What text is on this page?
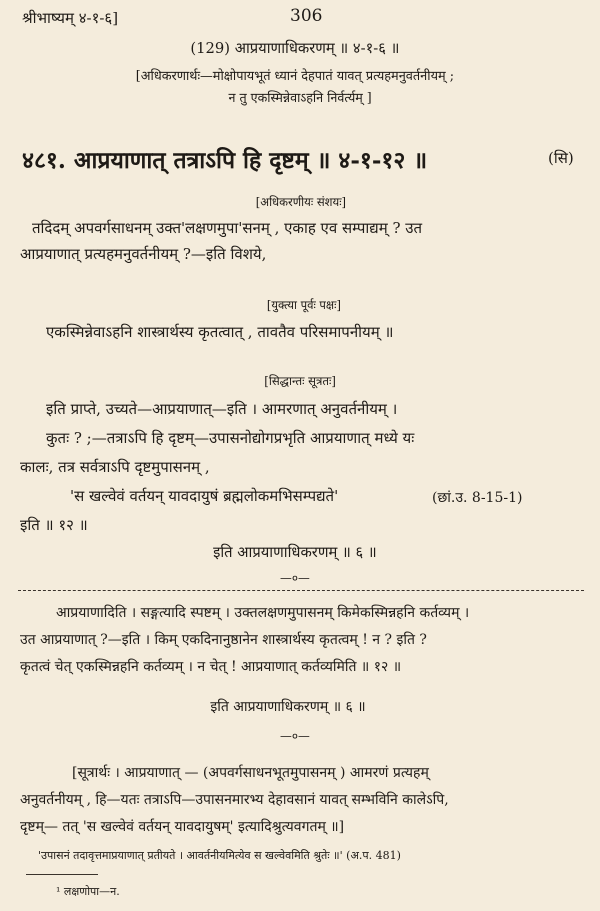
श्रीभाष्यम् ४-१-६]	306
(129) आप्रयाणाधिकरणम् ॥ ४-१-६ ॥
[अधिकरणार्थः—मोक्षोपायभूतं ध्यानं देहपातं यावत् प्रत्यहमनुवर्तनीयम् ;
न तु एकस्मिन्नेवाऽहनि निर्वर्त्यम् ]
४८१. आप्रयाणात् तत्राऽपि हि दृष्टम् ॥ ४-१-१२ ॥	(सि)
[अधिकरणीयः संशयः]
तदिदम् अपवर्गसाधनम् उक्त'लक्षणमुपा'सनम् , एकाह एव सम्पाद्यम् ? उत
आप्रयाणात् प्रत्यहमनुवर्तनीयम् ?—इति विशये,
[युक्त्या पूर्वः पक्षः]
एकस्मिन्नेवाऽहनि शास्त्रार्थस्य कृतत्वात् , तावतैव परिसमापनीयम् ॥
[सिद्धान्तः सूत्रतः]
इति प्राप्ते, उच्यते—आप्रयाणात्—इति । आमरणात् अनुवर्तनीयम् ।
कुतः ? ;—तत्राऽपि हि दृष्टम्—उपासनोद्योगप्रभृति आप्रयाणात् मध्ये यः
कालः, तत्र सर्वत्राऽपि दृष्टमुपासनम् ,
'स खल्वेवं वर्तयन् यावदायुषं ब्रह्मलोकमभिसम्पद्यते'	(छां.उ. 8-15-1)
इति ॥ १२ ॥
इति आप्रयाणाधिकरणम् ॥ ६ ॥
—०—
आप्रयाणादिति । सङ्गत्यादि स्पष्टम् । उक्तलक्षणमुपासनम् किमेकस्मिन्नहनि कर्तव्यम् ।
उत आप्रयाणात् ?—इति । किम् एकदिनानुष्ठानेन शास्त्रार्थस्य कृतत्वम् ! न ? इति ?
कृतत्वं चेत् एकस्मिन्नहनि कर्तव्यम् । न चेत् ! आप्रयाणात् कर्तव्यमिति ॥ १२ ॥
इति आप्रयाणाधिकरणम् ॥ ६ ॥
—०—
[सूत्रार्थः । आप्रयाणात् — (अपवर्गसाधनभूतमुपासनम् ) आमरणं प्रत्यहम्
अनुवर्तनीयम् , हि—यतः तत्राऽपि—उपासनमारभ्य देहावसानं यावत् सम्भविनि कालेऽपि,
दृष्टम्— तत् 'स खल्वेवं वर्तयन् यावदायुषम्' इत्यादिश्रुत्यवगतम् ॥]
'उपासनं तदावृत्तमाप्रयाणात् प्रतीयते । आवर्तनीयमित्येव स खल्वेवमिति श्रुतेः ॥' (अ.प. 481)
¹ लक्षणोपा—न.
